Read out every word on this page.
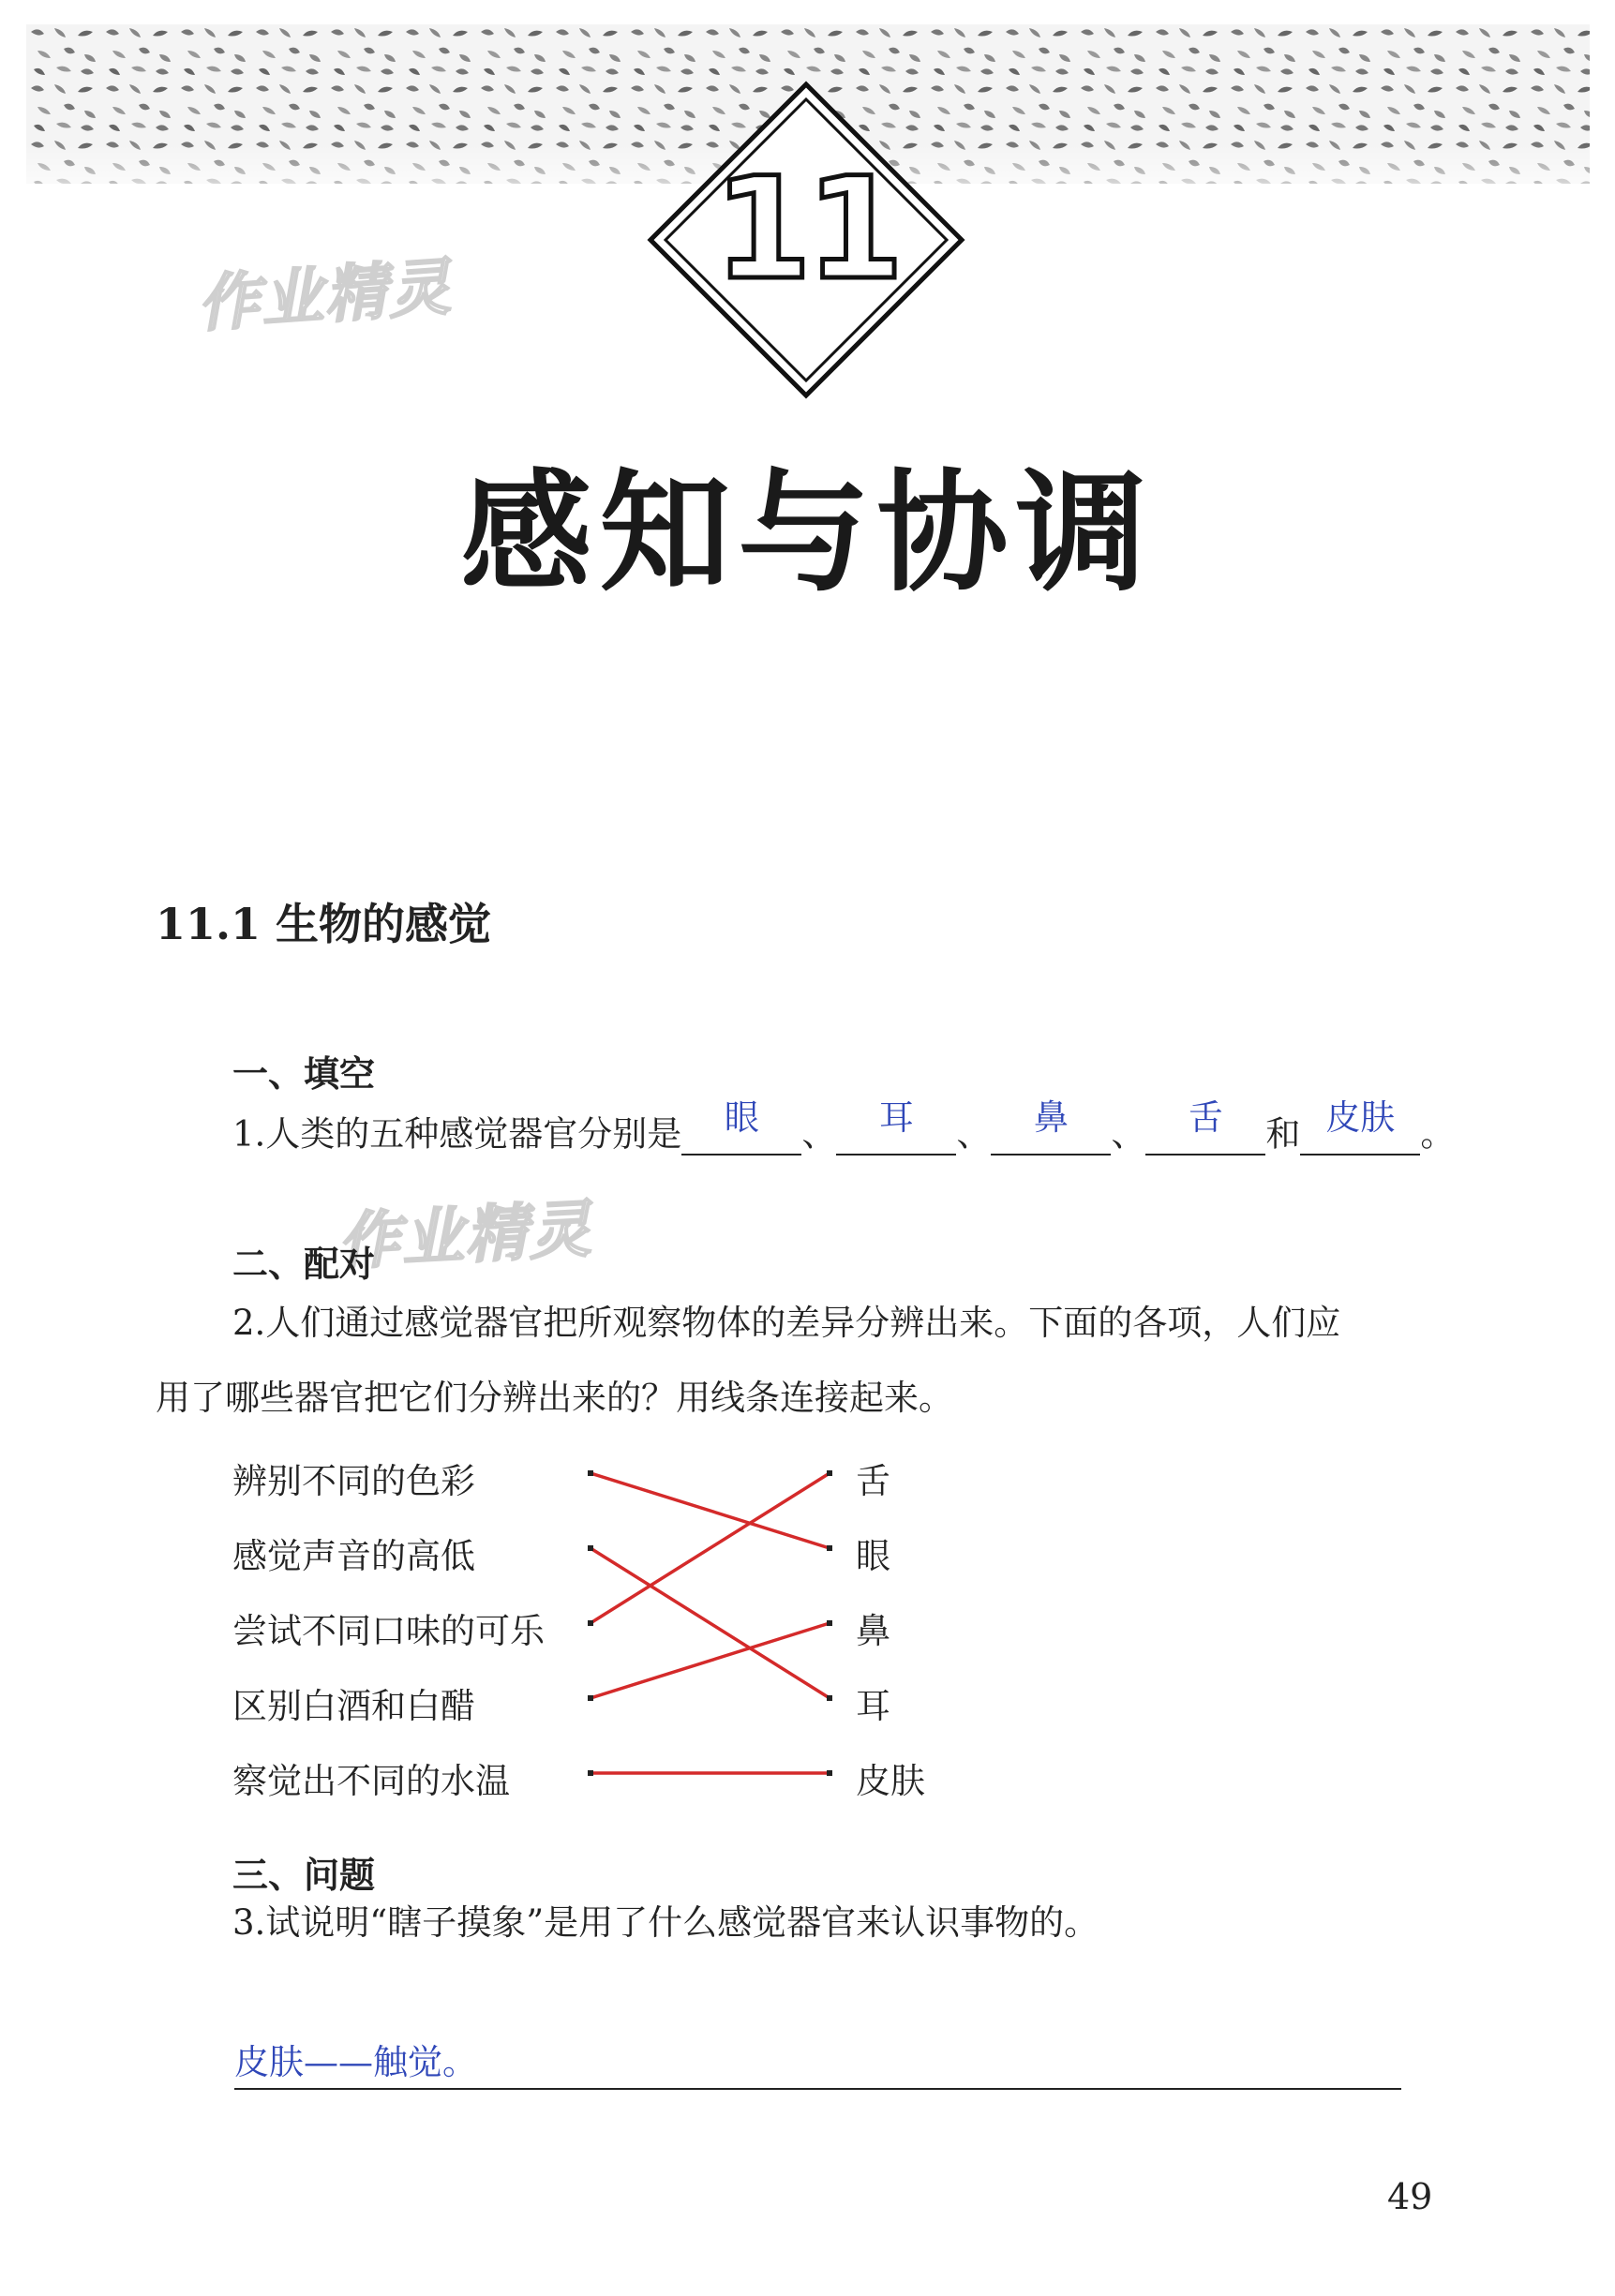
11
作业精灵
作业精灵
感知与协调
11.1 生物的感觉
一、填空
1.人类的五种感觉器官分别是 眼 、 耳 、 鼻 、 舌 和 皮肤 。
二、配对
2.人们通过感觉器官把所观察物体的差异分辨出来。下面的各项，人们应
用了哪些器官把它们分辨出来的？用线条连接起来。
辨别不同的色彩
感觉声音的高低
尝试不同口味的可乐
区别白酒和白醋
察觉出不同的水温
舌
眼
鼻
耳
皮肤
三、问题
3.试说明“瞎子摸象”是用了什么感觉器官来认识事物的。
皮肤——触觉。
49
